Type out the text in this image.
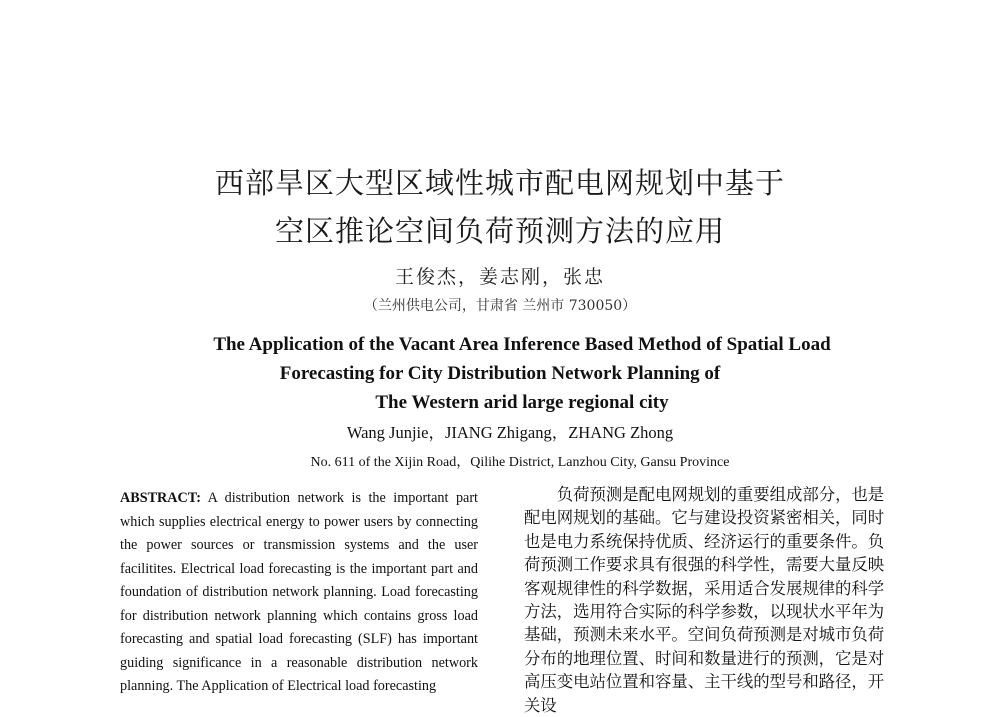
西部旱区大型区域性城市配电网规划中基于
空区推论空间负荷预测方法的应用
王俊杰，姜志刚，张忠
（兰州供电公司，甘肃省 兰州市 730050）
The Application of the Vacant Area Inference Based Method of Spatial Load
Forecasting for City Distribution Network Planning of
The Western arid large regional city
Wang Junjie，JIANG Zhigang，ZHANG Zhong
No. 611 of the Xijin Road，Qilihe District, Lanzhou City, Gansu Province
ABSTRACT: A distribution network is the important part which supplies electrical energy to power users by connecting the power sources or transmission systems and the user facilitites. Electrical load forecasting is the important part and foundation of distribution network planning. Load forecasting for distribution network planning which contains gross load forecasting and spatial load forecasting (SLF) has important guiding significance in a reasonable distribution network planning. The Application of Electrical load forecasting
负荷预测是配电网规划的重要组成部分，也是配电网规划的基础。它与建设投资紧密相关，同时也是电力系统保持优质、经济运行的重要条件。负荷预测工作要求具有很强的科学性，需要大量反映客观规律性的科学数据，采用适合发展规律的科学方法，选用符合实际的科学参数，以现状水平年为基础，预测未来水平。空间负荷预测是对城市负荷分布的地理位置、时间和数量进行的预测，它是对高压变电站位置和容量、主干线的型号和路径，开关设
